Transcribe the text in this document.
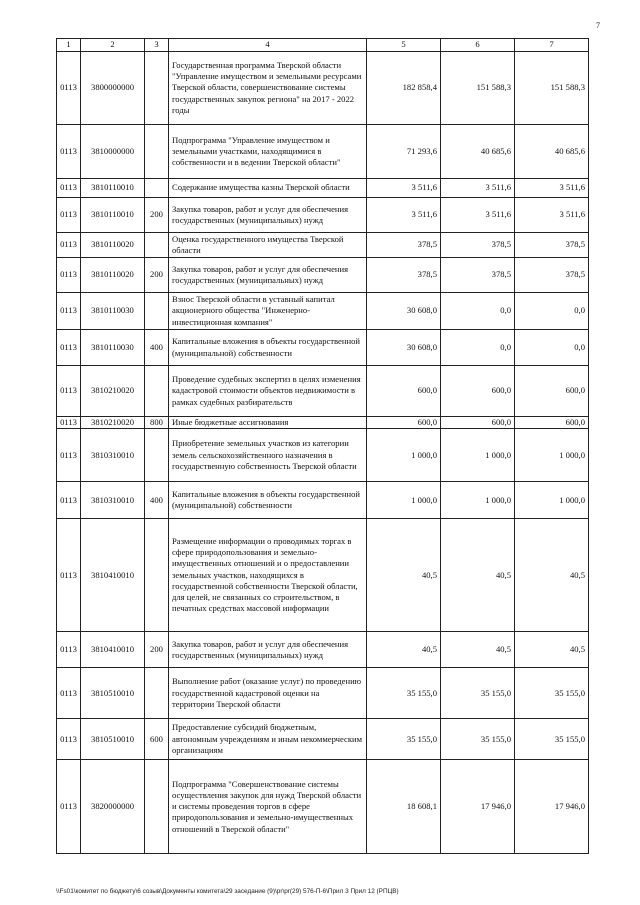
7
1	2	3	4	5	6	7
0113	3800000000		Государственная программа Тверской области "Управление имуществом и земельными ресурсами Тверской области, совершенствование системы государственных закупок региона" на 2017 - 2022 годы	182 858,4	151 588,3	151 588,3
0113	3810000000		Подпрограмма "Управление имуществом и земельными участками, находящимися в собственности и в ведении Тверской области"	71 293,6	40 685,6	40 685,6
0113	3810110010		Содержание имущества казны Тверской области	3 511,6	3 511,6	3 511,6
0113	3810110010	200	Закупка товаров, работ и услуг для обеспечения государственных (муниципальных) нужд	3 511,6	3 511,6	3 511,6
0113	3810110020		Оценка государственного имущества Тверской области	378,5	378,5	378,5
0113	3810110020	200	Закупка товаров, работ и услуг для обеспечения государственных (муниципальных) нужд	378,5	378,5	378,5
0113	3810110030		Взнос Тверской области в уставный капитал акционерного общества "Инженерно-инвестиционная компания"	30 608,0	0,0	0,0
0113	3810110030	400	Капитальные вложения в объекты государственной (муниципальной) собственности	30 608,0	0,0	0,0
0113	3810210020		Проведение судебных экспертиз в целях изменения кадастровой стоимости объектов недвижимости в рамках судебных разбирательств	600,0	600,0	600,0
0113	3810210020	800	Иные бюджетные ассигнования	600,0	600,0	600,0
0113	3810310010		Приобретение земельных участков из категории земель сельскохозяйственного назначения в государственную собственность Тверской области	1 000,0	1 000,0	1 000,0
0113	3810310010	400	Капитальные вложения в объекты государственной (муниципальной) собственности	1 000,0	1 000,0	1 000,0
0113	3810410010		Размещение информации о проводимых торгах в сфере природопользования и земельно-имущественных отношений и о предоставлении земельных участков, находящихся в государственной собственности Тверской области, для целей, не связанных со строительством, в печатных средствах массовой информации	40,5	40,5	40,5
0113	3810410010	200	Закупка товаров, работ и услуг для обеспечения государственных (муниципальных) нужд	40,5	40,5	40,5
0113	3810510010		Выполнение работ (оказание услуг) по проведению государственной кадастровой оценки на территории Тверской области	35 155,0	35 155,0	35 155,0
0113	3810510010	600	Предоставление субсидий бюджетным, автономным учреждениям и иным некоммерческим организациям	35 155,0	35 155,0	35 155,0
0113	3820000000		Подпрограмма "Совершенствование системы осуществления закупок для нужд Тверской области и системы проведения торгов в сфере природопользования и земельно-имущественных отношений в Тверской области"	18 608,1	17 946,0	17 946,0
\\Fs01\комитет по бюджету\6 созыв\Документы комитета\29 заседание (9)\pr\pr(29) 576-П-6\Прил 3 Прил 12 (РПЦВ)
